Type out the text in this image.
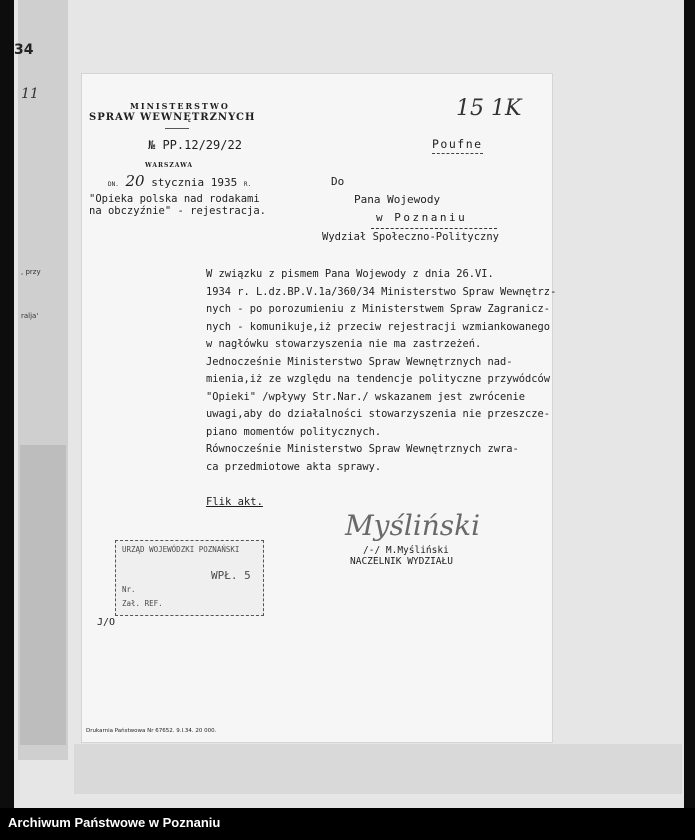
34
11
, przy
ralja'
MINISTERSTWO
SPRAW WEWNĘTRZNYCH
№ PP.12/29/22
WARSZAWA
DN. 20 stycznia 1935 R.
"Opieka polska nad rodakami
na obczyźnie" - rejestracja.
15 1K
Poufne
Do
Pana Wojewody
w Poznaniu
Wydział Społeczno-Polityczny
W związku z pismem Pana Wojewody z dnia 26.VI.
1934 r. L.dz.BP.V.1a/360/34 Ministerstwo Spraw Wewnętrz-
nych - po porozumieniu z Ministerstwem Spraw Zagranicz-
nych - komunikuje,iż przeciw rejestracji wzmiankowanego
w nagłówku stowarzyszenia nie ma zastrzeżeń.
Jednocześnie Ministerstwo Spraw Wewnętrznych nad-
mienia,iż ze względu na tendencje polityczne przywódców
"Opieki" /wpływy Str.Nar./ wskazanem jest zwrócenie
uwagi,aby do działalności stowarzyszenia nie przeszcze-
piano momentów politycznych.
Równocześnie Ministerstwo Spraw Wewnętrznych zwra-
ca przedmiotowe akta sprawy.
Flik akt.
URZĄD WOJEWÓDZKI POZNAŃSKI
WPŁ. 5
Nr.
Zał. REF.
Myśliński
/-/ M.Myśliński
NACZELNIK WYDZIAŁU
J/O
Drukarnia Państwowa Nr 67652. 9.I.34. 20 000.
Archiwum Państwowe w Poznaniu
